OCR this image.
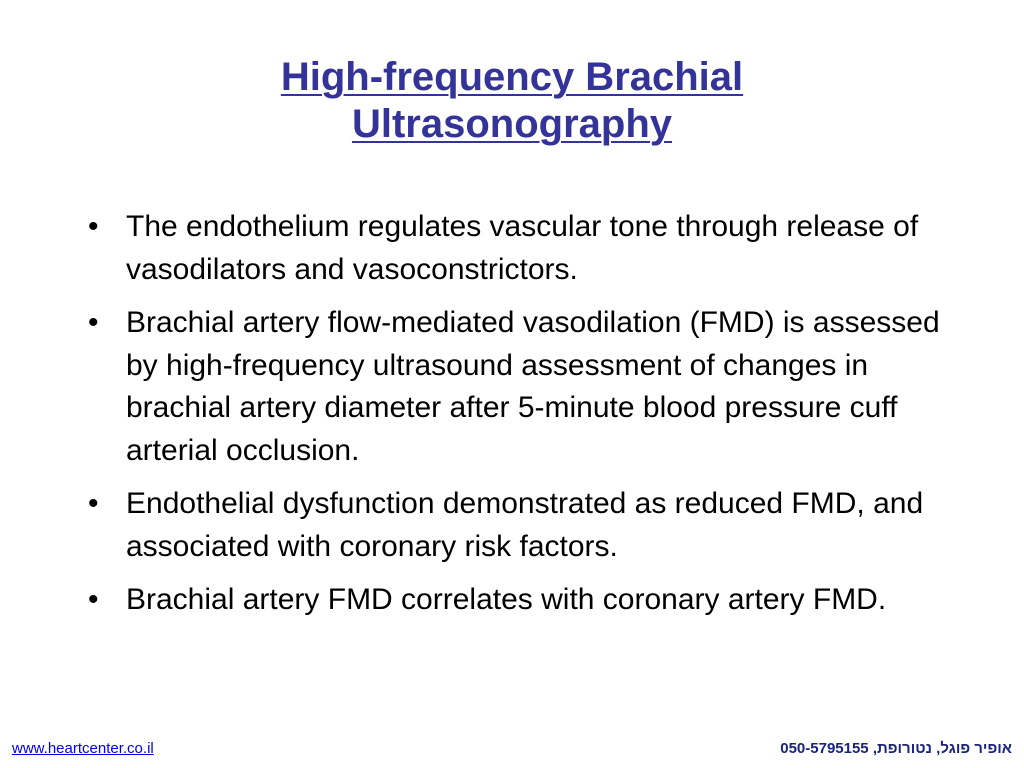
High-frequency Brachial
Ultrasonography
• The endothelium regulates vascular tone through release of vasodilators and vasoconstrictors.
• Brachial artery flow-mediated vasodilation (FMD) is assessed by high-frequency ultrasound assessment of changes in brachial artery diameter after 5-minute blood pressure cuff arterial occlusion.
• Endothelial dysfunction demonstrated as reduced FMD, and associated with coronary risk factors.
• Brachial artery FMD correlates with coronary artery FMD.
www.heartcenter.co.il	אופיר פוגל, נטורופת, 050-5795155
